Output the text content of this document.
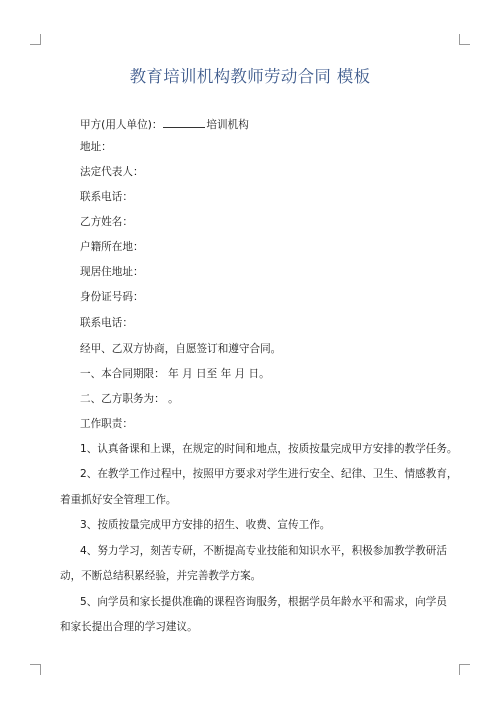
教育培训机构教师劳动合同 模板
甲方(用人单位)：	培训机构
地址：
法定代表人：
联系电话：
乙方姓名：
户籍所在地：
现居住地址：
身份证号码：
联系电话：
经甲、乙双方协商，自愿签订和遵守合同。
一、本合同期限： 年 月 日至 年 月 日。
二、乙方职务为： 。
工作职责：
1、认真备课和上课，在规定的时间和地点，按质按量完成甲方安排的教学任务。
2、在教学工作过程中，按照甲方要求对学生进行安全、纪律、卫生、情感教育，
着重抓好安全管理工作。
3、按质按量完成甲方安排的招生、收费、宣传工作。
4、努力学习，刻苦专研，不断提高专业技能和知识水平，积极参加教学教研活
动，不断总结积累经验，并完善教学方案。
5、向学员和家长提供准确的课程咨询服务，根据学员年龄水平和需求，向学员
和家长提出合理的学习建议。
